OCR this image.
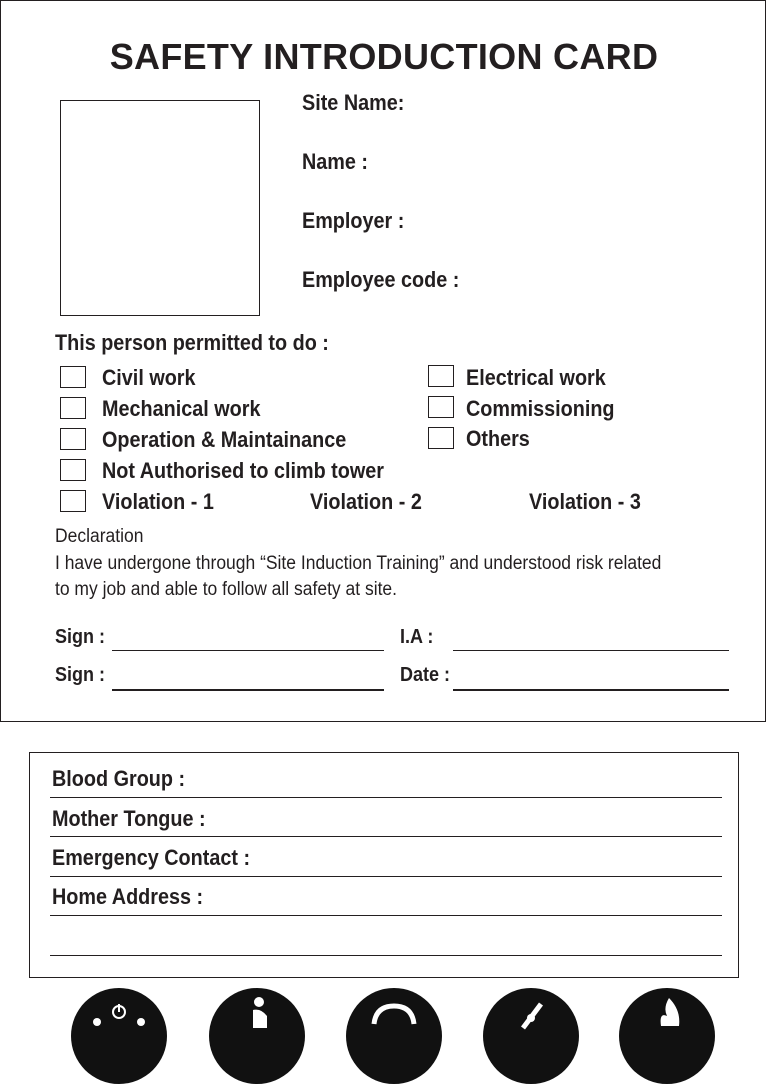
SAFETY INTRODUCTION CARD
Site Name:
Name :
Employer :
Employee code :
This person permitted to do :
Civil work
Mechanical work
Operation & Maintainance
Not Authorised to climb tower
Violation - 1	Violation - 2	Violation - 3
Electrical work
Commissioning
Others
Declaration
I have undergone through “Site Induction Training” and understood risk related to my job and able to follow all safety at site.
Sign :	I.A :
Sign :	Date :
Blood Group :
Mother Tongue :
Emergency Contact :
Home Address :
